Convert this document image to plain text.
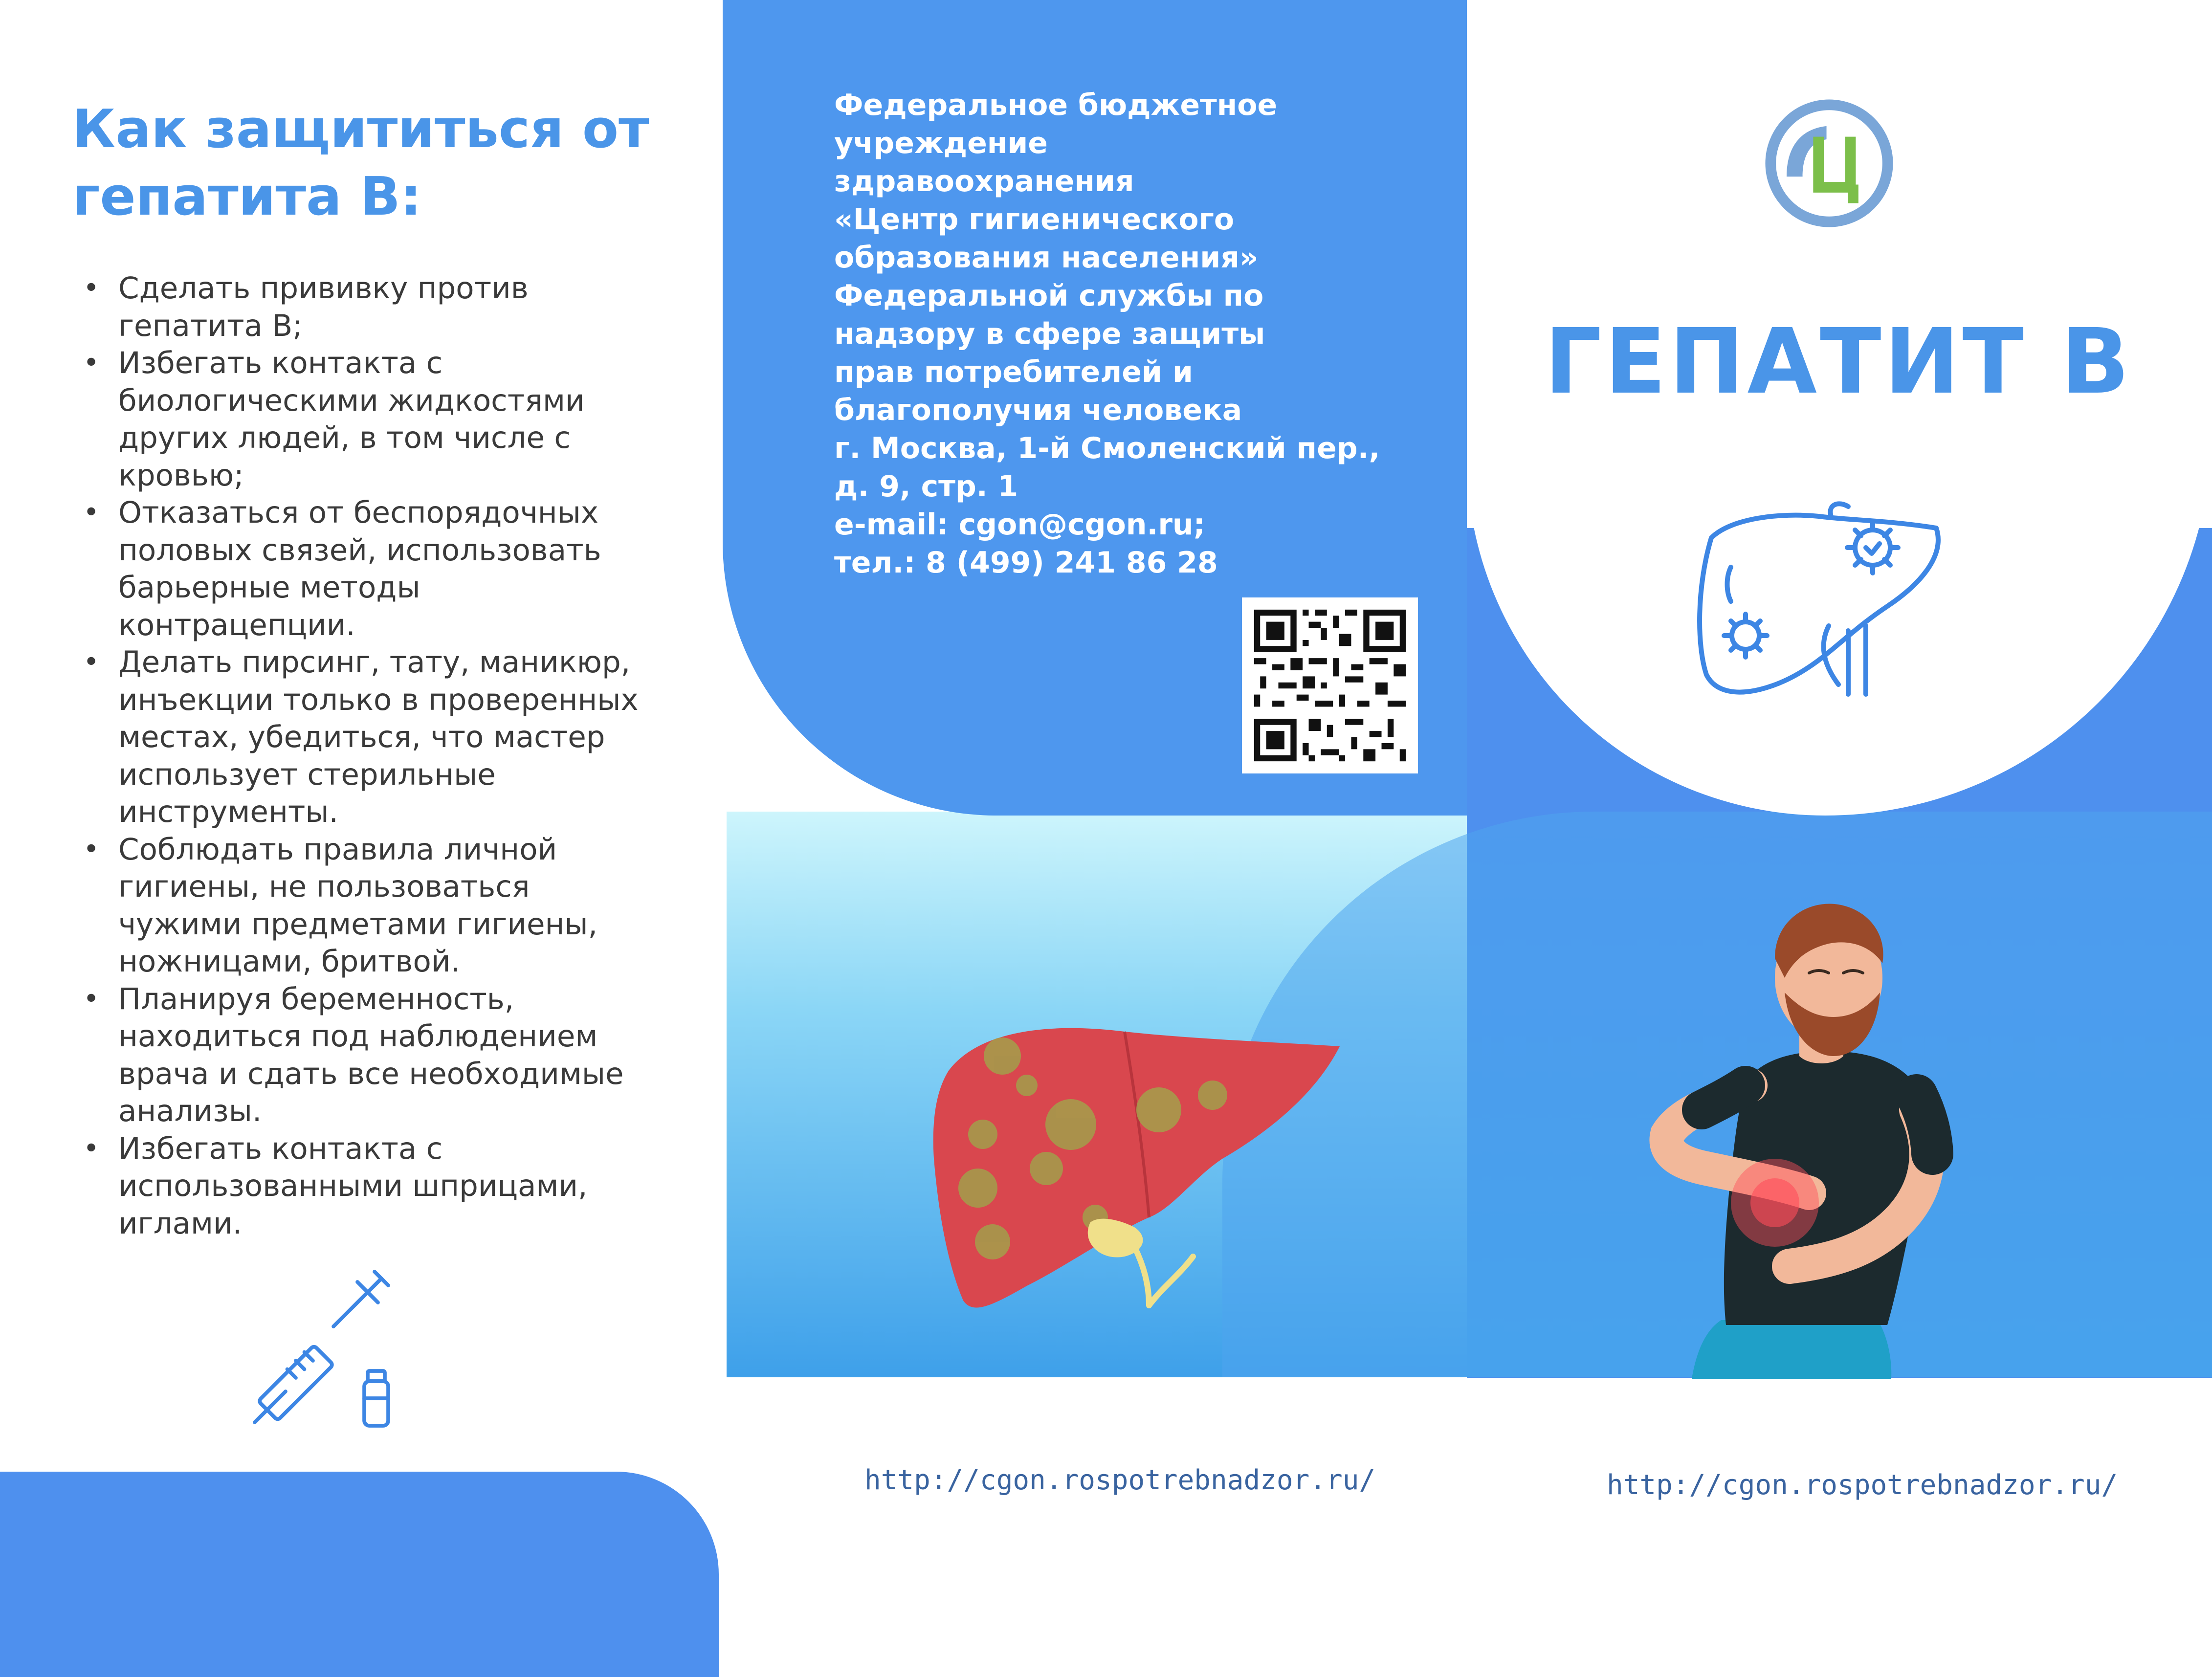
Как защититься от
гепатита В:
• Сделать прививку против
гепатита В;
• Избегать контакта с
биологическими жидкостями
других людей, в том числе с
кровью;
• Отказаться от беспорядочных
половых связей, использовать
барьерные методы
контрацепции.
• Делать пирсинг, тату, маникюр,
инъекции только в проверенных
местах, убедиться, что мастер
использует стерильные
инструменты.
• Соблюдать правила личной
гигиены, не пользоваться
чужими предметами гигиены,
ножницами, бритвой.
• Планируя беременность,
находиться под наблюдением
врача и сдать все необходимые
анализы.
• Избегать контакта с
использованными шприцами,
иглами.
Федеральное бюджетное
учреждение
здравоохранения
«Центр гигиенического
образования населения»
Федеральной службы по
надзору в сфере защиты
прав потребителей и
благополучия человека
г. Москва, 1-й Смоленский пер.,
д. 9, стр. 1
e-mail: cgon@cgon.ru;
тел.: 8 (499) 241 86 28
ГЕПАТИТ В
http://cgon.rospotrebnadzor.ru/	http://cgon.rospotrebnadzor.ru/
